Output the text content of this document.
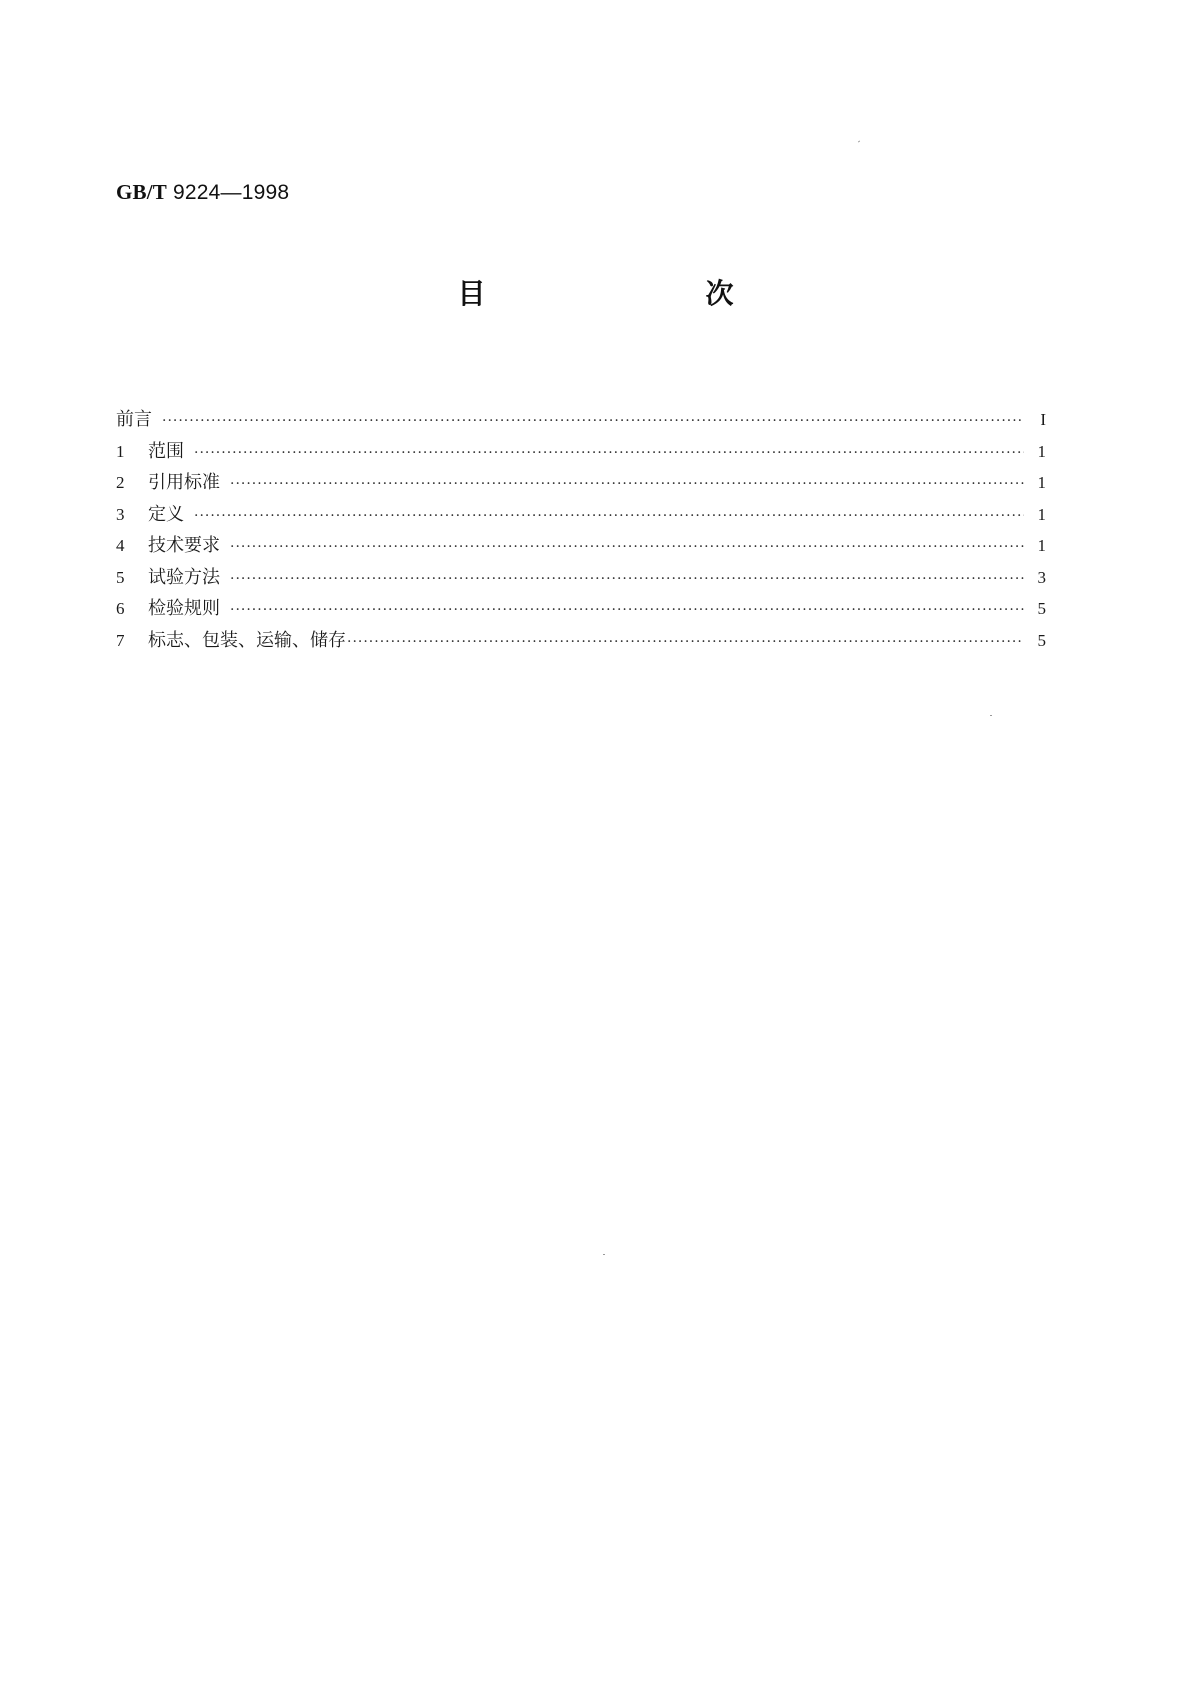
GB/T 9224—1998
目　次
前言 ·····	I
1	范围 ·····	1
2	引用标准 ·····	1
3	定义 ·····	1
4	技术要求 ·····	1
5	试验方法 ·····	3
6	检验规则 ·····	5
7	标志、包装、运输、储存 ·····	5
